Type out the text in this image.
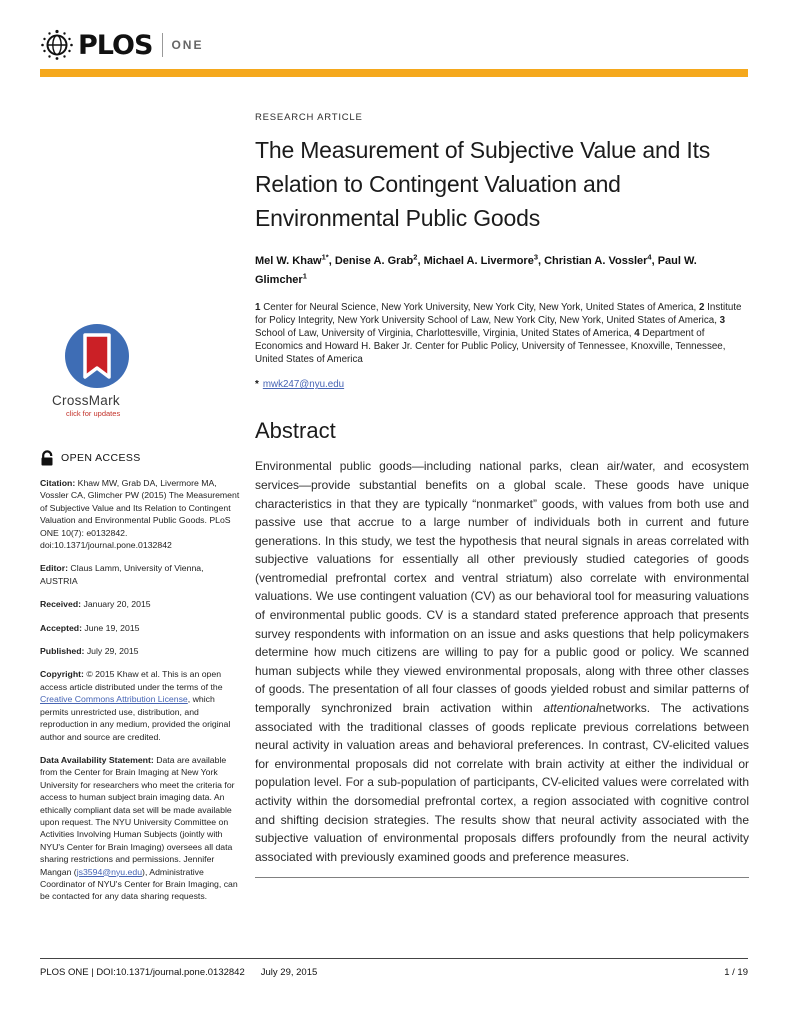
PLOS ONE
RESEARCH ARTICLE
The Measurement of Subjective Value and Its Relation to Contingent Valuation and Environmental Public Goods
Mel W. Khaw$^{1*}$, Denise A. Grab$^2$, Michael A. Livermore$^3$, Christian A. Vossler$^4$, Paul W. Glimcher$^1$
1 Center for Neural Science, New York University, New York City, New York, United States of America, 2 Institute for Policy Integrity, New York University School of Law, New York City, New York, United States of America, 3 School of Law, University of Virginia, Charlottesville, Virginia, United States of America, 4 Department of Economics and Howard H. Baker Jr. Center for Public Policy, University of Tennessee, Knoxville, Tennessee, United States of America
* mwk247@nyu.edu
Abstract
Environmental public goods—including national parks, clean air/water, and ecosystem services—provide substantial benefits on a global scale. These goods have unique characteristics in that they are typically “nonmarket” goods, with values from both use and passive use that accrue to a large number of individuals both in current and future generations. In this study, we test the hypothesis that neural signals in areas correlated with subjective valuations for essentially all other previously studied categories of goods (ventromedial prefrontal cortex and ventral striatum) also correlate with environmental valuations. We use contingent valuation (CV) as our behavioral tool for measuring valuations of environmental public goods. CV is a standard stated preference approach that presents survey respondents with information on an issue and asks questions that help policymakers determine how much citizens are willing to pay for a public good or policy. We scanned human subjects while they viewed environmental proposals, along with three other classes of goods. The presentation of all four classes of goods yielded robust and similar patterns of temporally synchronized brain activation within attentionalnetworks. The activations associated with the traditional classes of goods replicate previous correlations between neural activity in valuation areas and behavioral preferences. In contrast, CV-elicited values for environmental proposals did not correlate with brain activity at either the individual or population level. For a sub-population of participants, CV-elicited values were correlated with activity within the dorsomedial prefrontal cortex, a region associated with cognitive control and shifting decision strategies. The results show that neural activity associated with the subjective valuation of environmental proposals differs profoundly from the neural activity associated with previously examined goods and preference measures.
CrossMark
click for updates
OPEN ACCESS
Citation: Khaw MW, Grab DA, Livermore MA, Vossler CA, Glimcher PW (2015) The Measurement of Subjective Value and Its Relation to Contingent Valuation and Environmental Public Goods. PLoS ONE 10(7): e0132842. doi:10.1371/journal.pone.0132842
Editor: Claus Lamm, University of Vienna, AUSTRIA
Received: January 20, 2015
Accepted: June 19, 2015
Published: July 29, 2015
Copyright: © 2015 Khaw et al. This is an open access article distributed under the terms of the Creative Commons Attribution License, which permits unrestricted use, distribution, and reproduction in any medium, provided the original author and source are credited.
Data Availability Statement: Data are available from the Center for Brain Imaging at New York University for researchers who meet the criteria for access to human subject brain imaging data. An ethically compliant data set will be made available upon request. The NYU University Committee on Activities Involving Human Subjects (jointly with NYU's Center for Brain Imaging) oversees all data sharing restrictions and permissions. Jennifer Mangan (js3594@nyu.edu), Administrative Coordinator of NYU's Center for Brain Imaging, can be contacted for any data sharing requests.
PLOS ONE | DOI:10.1371/journal.pone.0132842 July 29, 2015	1 / 19
